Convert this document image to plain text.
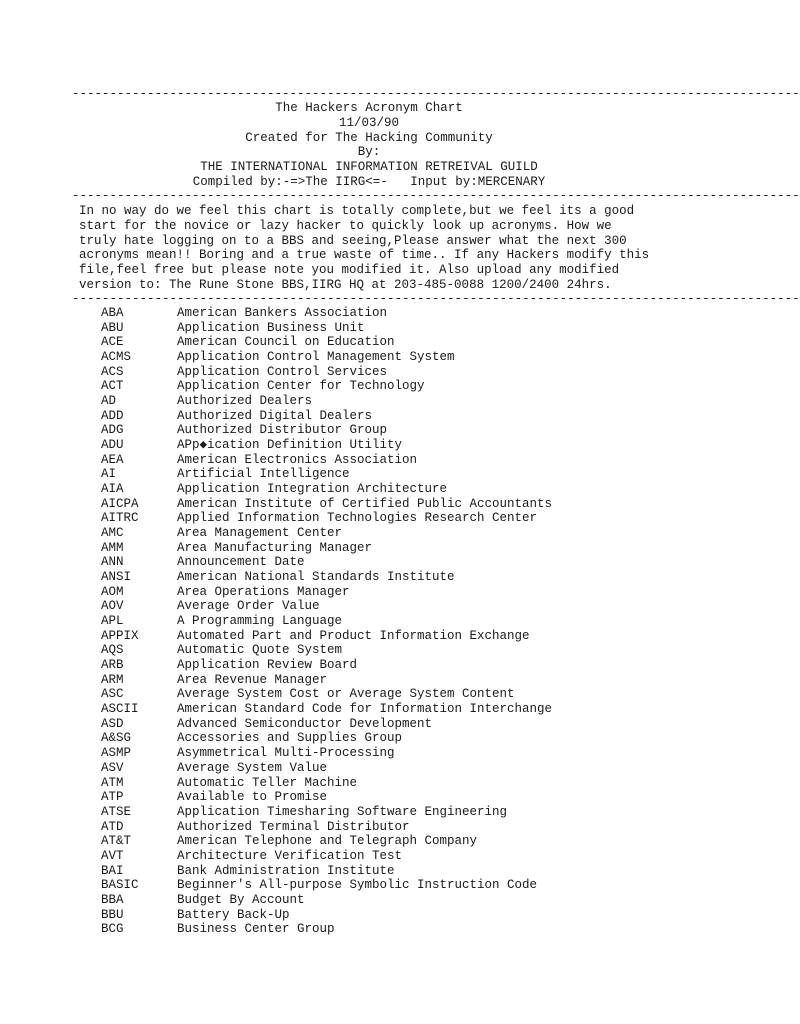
-------------------------------------------------------------------------------------------------
The Hackers Acronym Chart
11/03/90
Created for The Hacking Community
By:
THE INTERNATIONAL INFORMATION RETREIVAL GUILD
Compiled by:-=>The IIRG<=-   Input by:MERCENARY
-------------------------------------------------------------------------------------------------
In no way do we feel this chart is totally complete,but we feel its a good
start for the novice or lazy hacker to quickly look up acronyms. How we
truly hate logging on to a BBS and seeing,Please answer what the next 300
acronyms mean!! Boring and a true waste of time.. If any Hackers modify this
file,feel free but please note you modified it. Also upload any modified
version to: The Rune Stone BBS,IIRG HQ at 203-485-0088 1200/2400 24hrs.
-------------------------------------------------------------------------------------------------
ABA	American Bankers Association
ABU	Application Business Unit
ACE	American Council on Education
ACMS	Application Control Management System
ACS	Application Control Services
ACT	Application Center for Technology
AD	Authorized Dealers
ADD	Authorized Digital Dealers
ADG	Authorized Distributor Group
ADU	APp◆ication Definition Utility
AEA	American Electronics Association
AI	Artificial Intelligence
AIA	Application Integration Architecture
AICPA	American Institute of Certified Public Accountants
AITRC	Applied Information Technologies Research Center
AMC	Area Management Center
AMM	Area Manufacturing Manager
ANN	Announcement Date
ANSI	American National Standards Institute
AOM	Area Operations Manager
AOV	Average Order Value
APL	A Programming Language
APPIX	Automated Part and Product Information Exchange
AQS	Automatic Quote System
ARB	Application Review Board
ARM	Area Revenue Manager
ASC	Average System Cost or Average System Content
ASCII	American Standard Code for Information Interchange
ASD	Advanced Semiconductor Development
A&SG	Accessories and Supplies Group
ASMP	Asymmetrical Multi-Processing
ASV	Average System Value
ATM	Automatic Teller Machine
ATP	Available to Promise
ATSE	Application Timesharing Software Engineering
ATD	Authorized Terminal Distributor
AT&T	American Telephone and Telegraph Company
AVT	Architecture Verification Test
BAI	Bank Administration Institute
BASIC	Beginner's All-purpose Symbolic Instruction Code
BBA	Budget By Account
BBU	Battery Back-Up
BCG	Business Center Group
